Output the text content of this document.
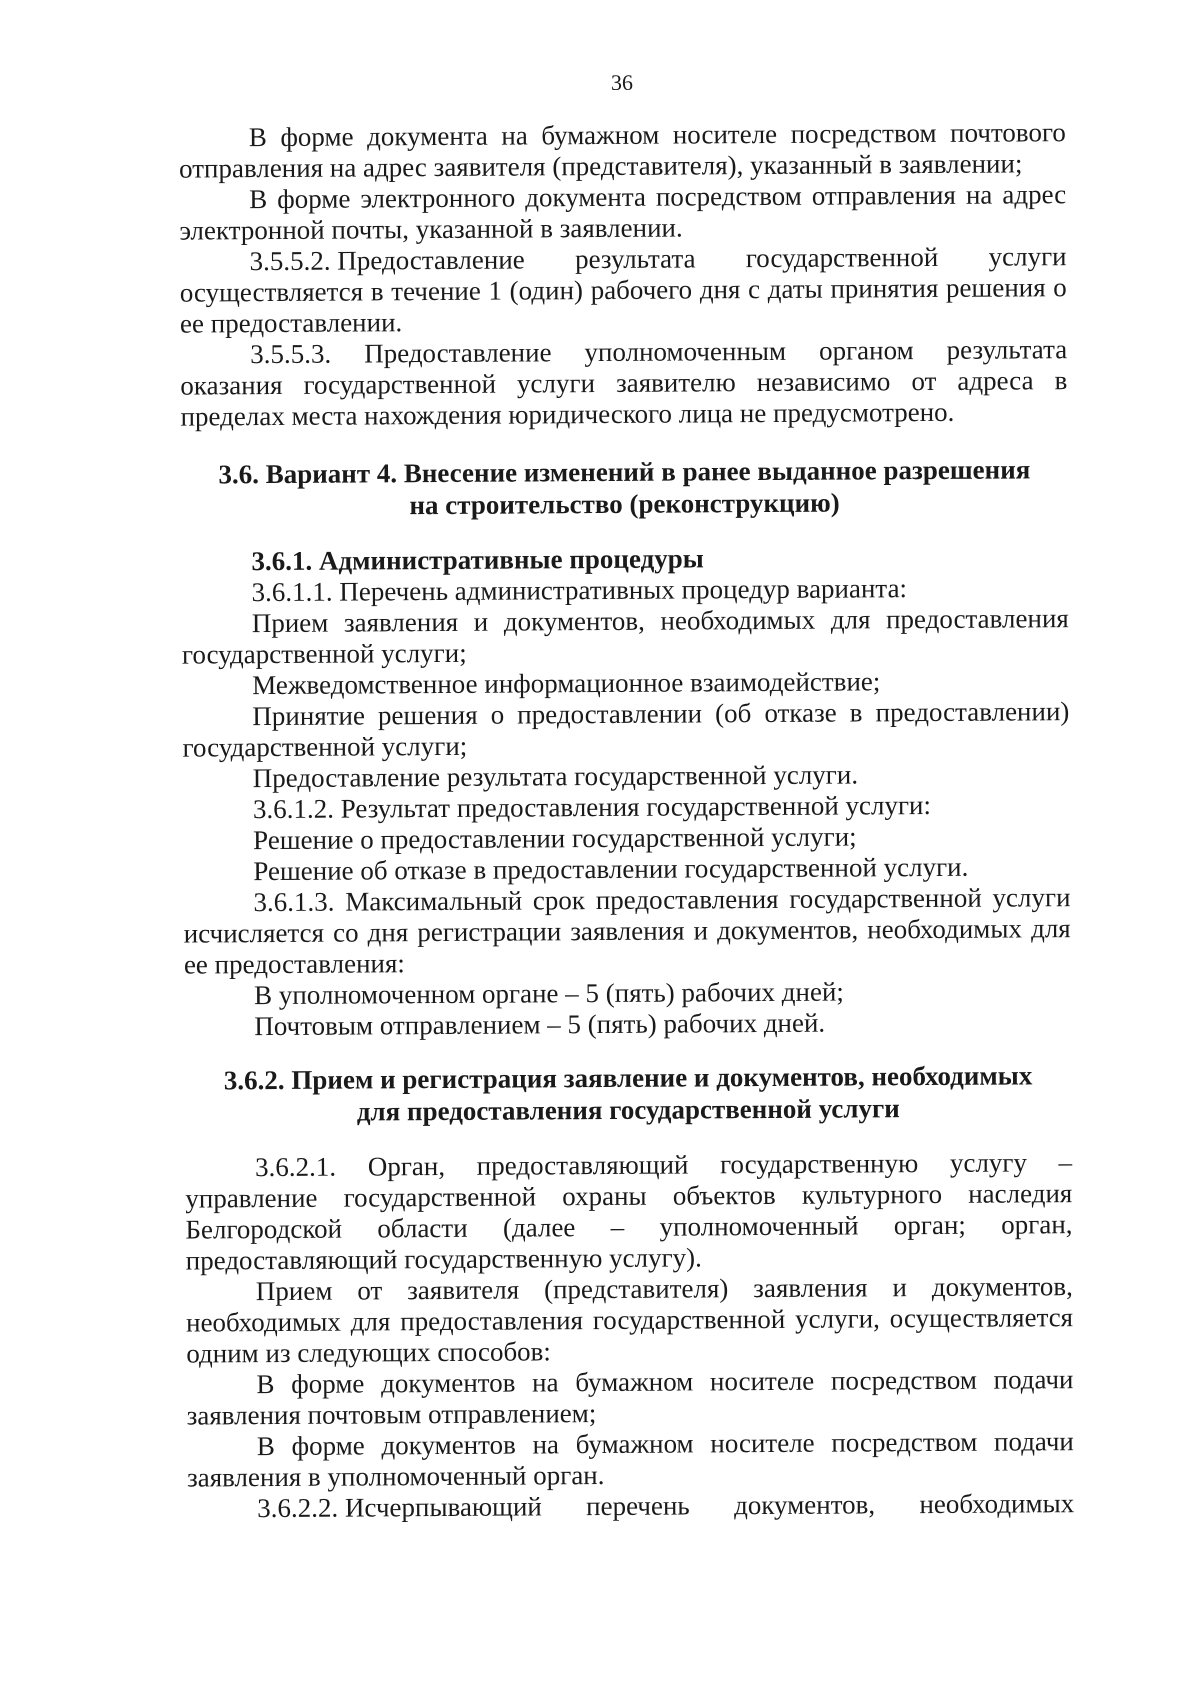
36

В форме документа на бумажном носителе посредством почтового отправления на адрес заявителя (представителя), указанный в заявлении;

В форме электронного документа посредством отправления на адрес электронной почты, указанной в заявлении.

3.5.5.2. Предоставление результата государственной услуги

осуществляется в течение 1 (один) рабочего дня с даты принятия решения о ее предоставлении.

3.5.5.3. Предоставление уполномоченным органом результата оказания государственной услуги заявителю независимо от адреса в пределах места нахождения юридического лица не предусмотрено.

3.6. Вариант 4. Внесение изменений в ранее выданное разрешения
на строительство (реконструкцию)
3.6.1. Административные процедуры

3.6.1.1. Перечень административных процедур варианта:

Прием заявления и документов, необходимых для предоставления государственной услуги;

Межведомственное информационное взаимодействие;

Принятие решения о предоставлении (об отказе в предоставлении) государственной услуги;

Предоставление результата государственной услуги.

3.6.1.2. Результат предоставления государственной услуги:

Решение о предоставлении государственной услуги;

Решение об отказе в предоставлении государственной услуги.

3.6.1.3. Максимальный срок предоставления государственной услуги исчисляется со дня регистрации заявления и документов, необходимых для ее предоставления:

В уполномоченном органе – 5 (пять) рабочих дней;

Почтовым отправлением – 5 (пять) рабочих дней.

3.6.2. Прием и регистрация заявление и документов, необходимых
для предоставления государственной услуги

3.6.2.1. Орган, предоставляющий государственную услугу – управление государственной охраны объектов культурного наследия Белгородской области (далее – уполномоченный орган; орган, предоставляющий государственную услугу).

Прием от заявителя (представителя) заявления и документов, необходимых для предоставления государственной услуги, осуществляется одним из следующих способов:

В форме документов на бумажном носителе посредством подачи заявления почтовым отправлением;

В форме документов на бумажном носителе посредством подачи заявления в уполномоченный орган.

3.6.2.2. Исчерпывающий перечень документов, необходимых
